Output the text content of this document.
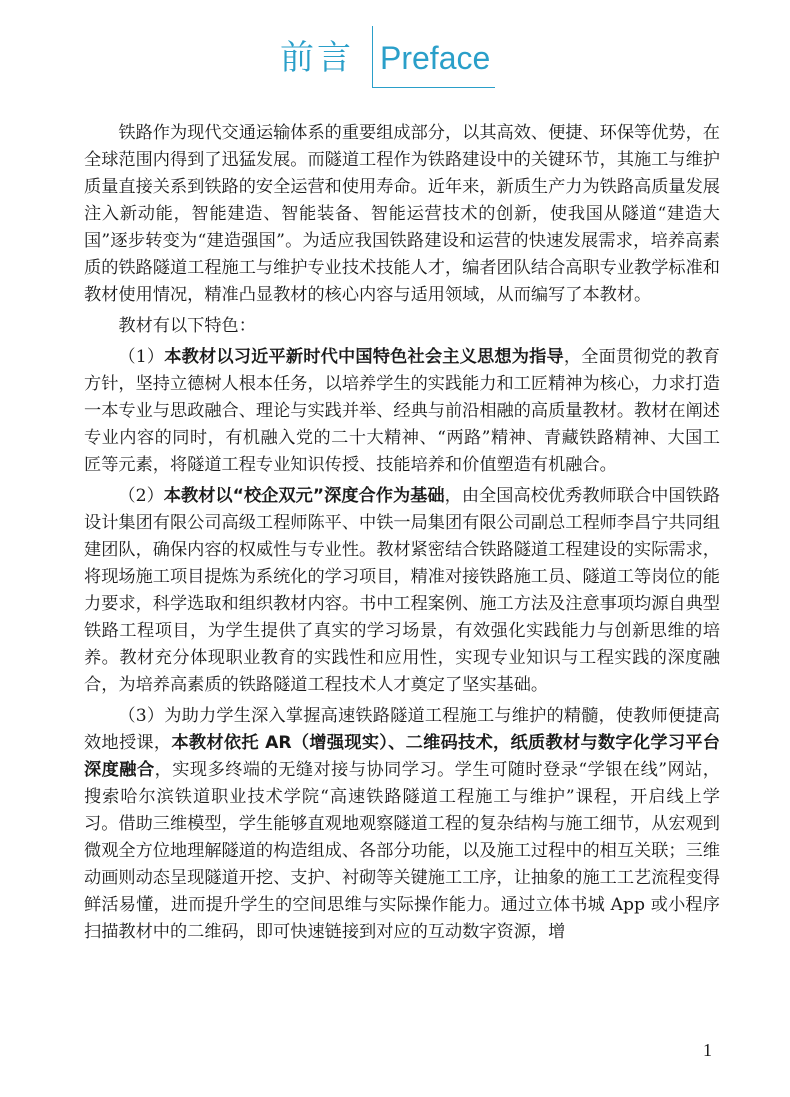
前言 Preface

铁路作为现代交通运输体系的重要组成部分，以其高效、便捷、环保等优势，在全球范围内得到了迅猛发展。而隧道工程作为铁路建设中的关键环节，其施工与维护质量直接关系到铁路的安全运营和使用寿命。近年来，新质生产力为铁路高质量发展注入新动能，智能建造、智能装备、智能运营技术的创新，使我国从隧道“建造大国”逐步转变为“建造强国”。为适应我国铁路建设和运营的快速发展需求，培养高素质的铁路隧道工程施工与维护专业技术技能人才，编者团队结合高职专业教学标准和教材使用情况，精准凸显教材的核心内容与适用领域，从而编写了本教材。

教材有以下特色：

（1）本教材以习近平新时代中国特色社会主义思想为指导，全面贯彻党的教育方针，坚持立德树人根本任务，以培养学生的实践能力和工匠精神为核心，力求打造一本专业与思政融合、理论与实践并举、经典与前沿相融的高质量教材。教材在阐述专业内容的同时，有机融入党的二十大精神、“两路”精神、青藏铁路精神、大国工匠等元素，将隧道工程专业知识传授、技能培养和价值塑造有机融合。

（2）本教材以“校企双元”深度合作为基础，由全国高校优秀教师联合中国铁路设计集团有限公司高级工程师陈平、中铁一局集团有限公司副总工程师李昌宁共同组建团队，确保内容的权威性与专业性。教材紧密结合铁路隧道工程建设的实际需求，将现场施工项目提炼为系统化的学习项目，精准对接铁路施工员、隧道工等岗位的能力要求，科学选取和组织教材内容。书中工程案例、施工方法及注意事项均源自典型铁路工程项目，为学生提供了真实的学习场景，有效强化实践能力与创新思维的培养。教材充分体现职业教育的实践性和应用性，实现专业知识与工程实践的深度融合，为培养高素质的铁路隧道工程技术人才奠定了坚实基础。

（3）为助力学生深入掌握高速铁路隧道工程施工与维护的精髓，使教师便捷高效地授课，本教材依托 AR（增强现实）、二维码技术，纸质教材与数字化学习平台深度融合，实现多终端的无缝对接与协同学习。学生可随时登录“学银在线”网站，搜索哈尔滨铁道职业技术学院“高速铁路隧道工程施工与维护”课程，开启线上学习。借助三维模型，学生能够直观地观察隧道工程的复杂结构与施工细节，从宏观到微观全方位地理解隧道的构造组成、各部分功能，以及施工过程中的相互关联；三维动画则动态呈现隧道开挖、支护、衬砌等关键施工工序，让抽象的施工工艺流程变得鲜活易懂，进而提升学生的空间思维与实际操作能力。通过立体书城 App 或小程序扫描教材中的二维码，即可快速链接到对应的互动数字资源，增

1
